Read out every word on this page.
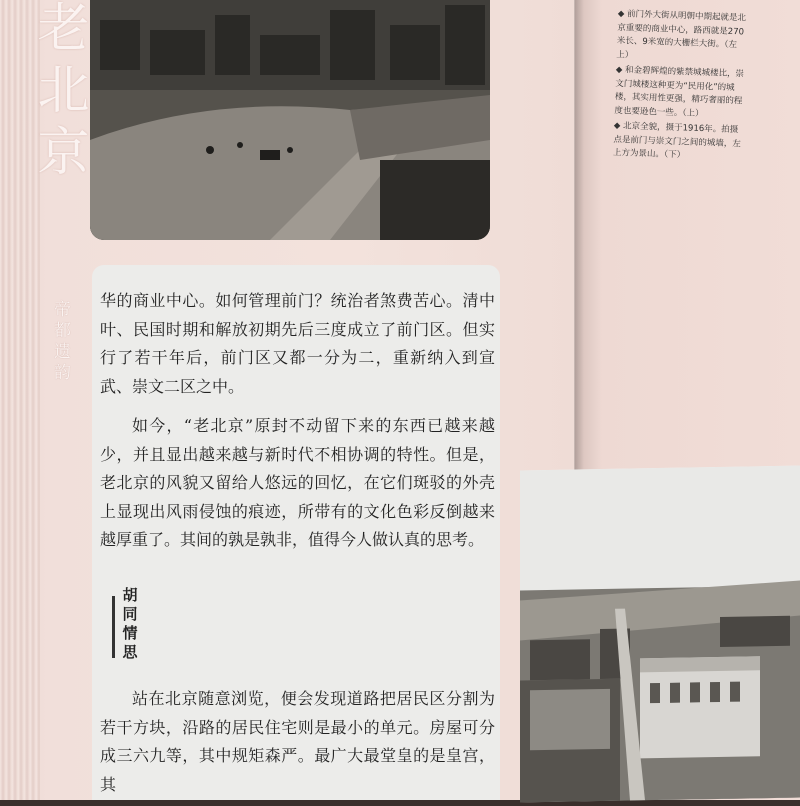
老北京
帝都遗韵 华的商业中心。如何管理前门？统治者煞费苦心。清中叶、民国时期和解放初期先后三度成立了前门区。但实行了若干年后，前门区又都一分为二，重新纳入到宣武、崇文二区之中。

如今，“老北京”原封不动留下来的东西已越来越少，并且显出越来越与新时代不相协调的特性。但是，老北京的风貌又留给人悠远的回忆，在它们斑驳的外壳上显现出风雨侵蚀的痕迹，所带有的文化色彩反倒越来越厚重了。其间的孰是孰非，值得今人做认真的思考。

胡同情思

站在北京随意浏览，便会发现道路把居民区分割为若干方块，沿路的居民住宅则是最小的单元。房屋可分成三六九等，其中规矩森严。最广大最堂皇的是皇宫，其

◆ 前门外大街从明朝中期起就是北京重要的商业中心，路西就是270米长、9米宽的大栅栏大街。（左上）

◆ 和金碧辉煌的紫禁城城楼比，崇文门城楼这种更为“民用化”的城楼，其实用性更强，精巧奢丽的程度也要逊色一些。（上）

◆ 北京全貌，摄于1916年。拍摄点是前门与崇文门之间的城墙，左上方为景山。（下）
